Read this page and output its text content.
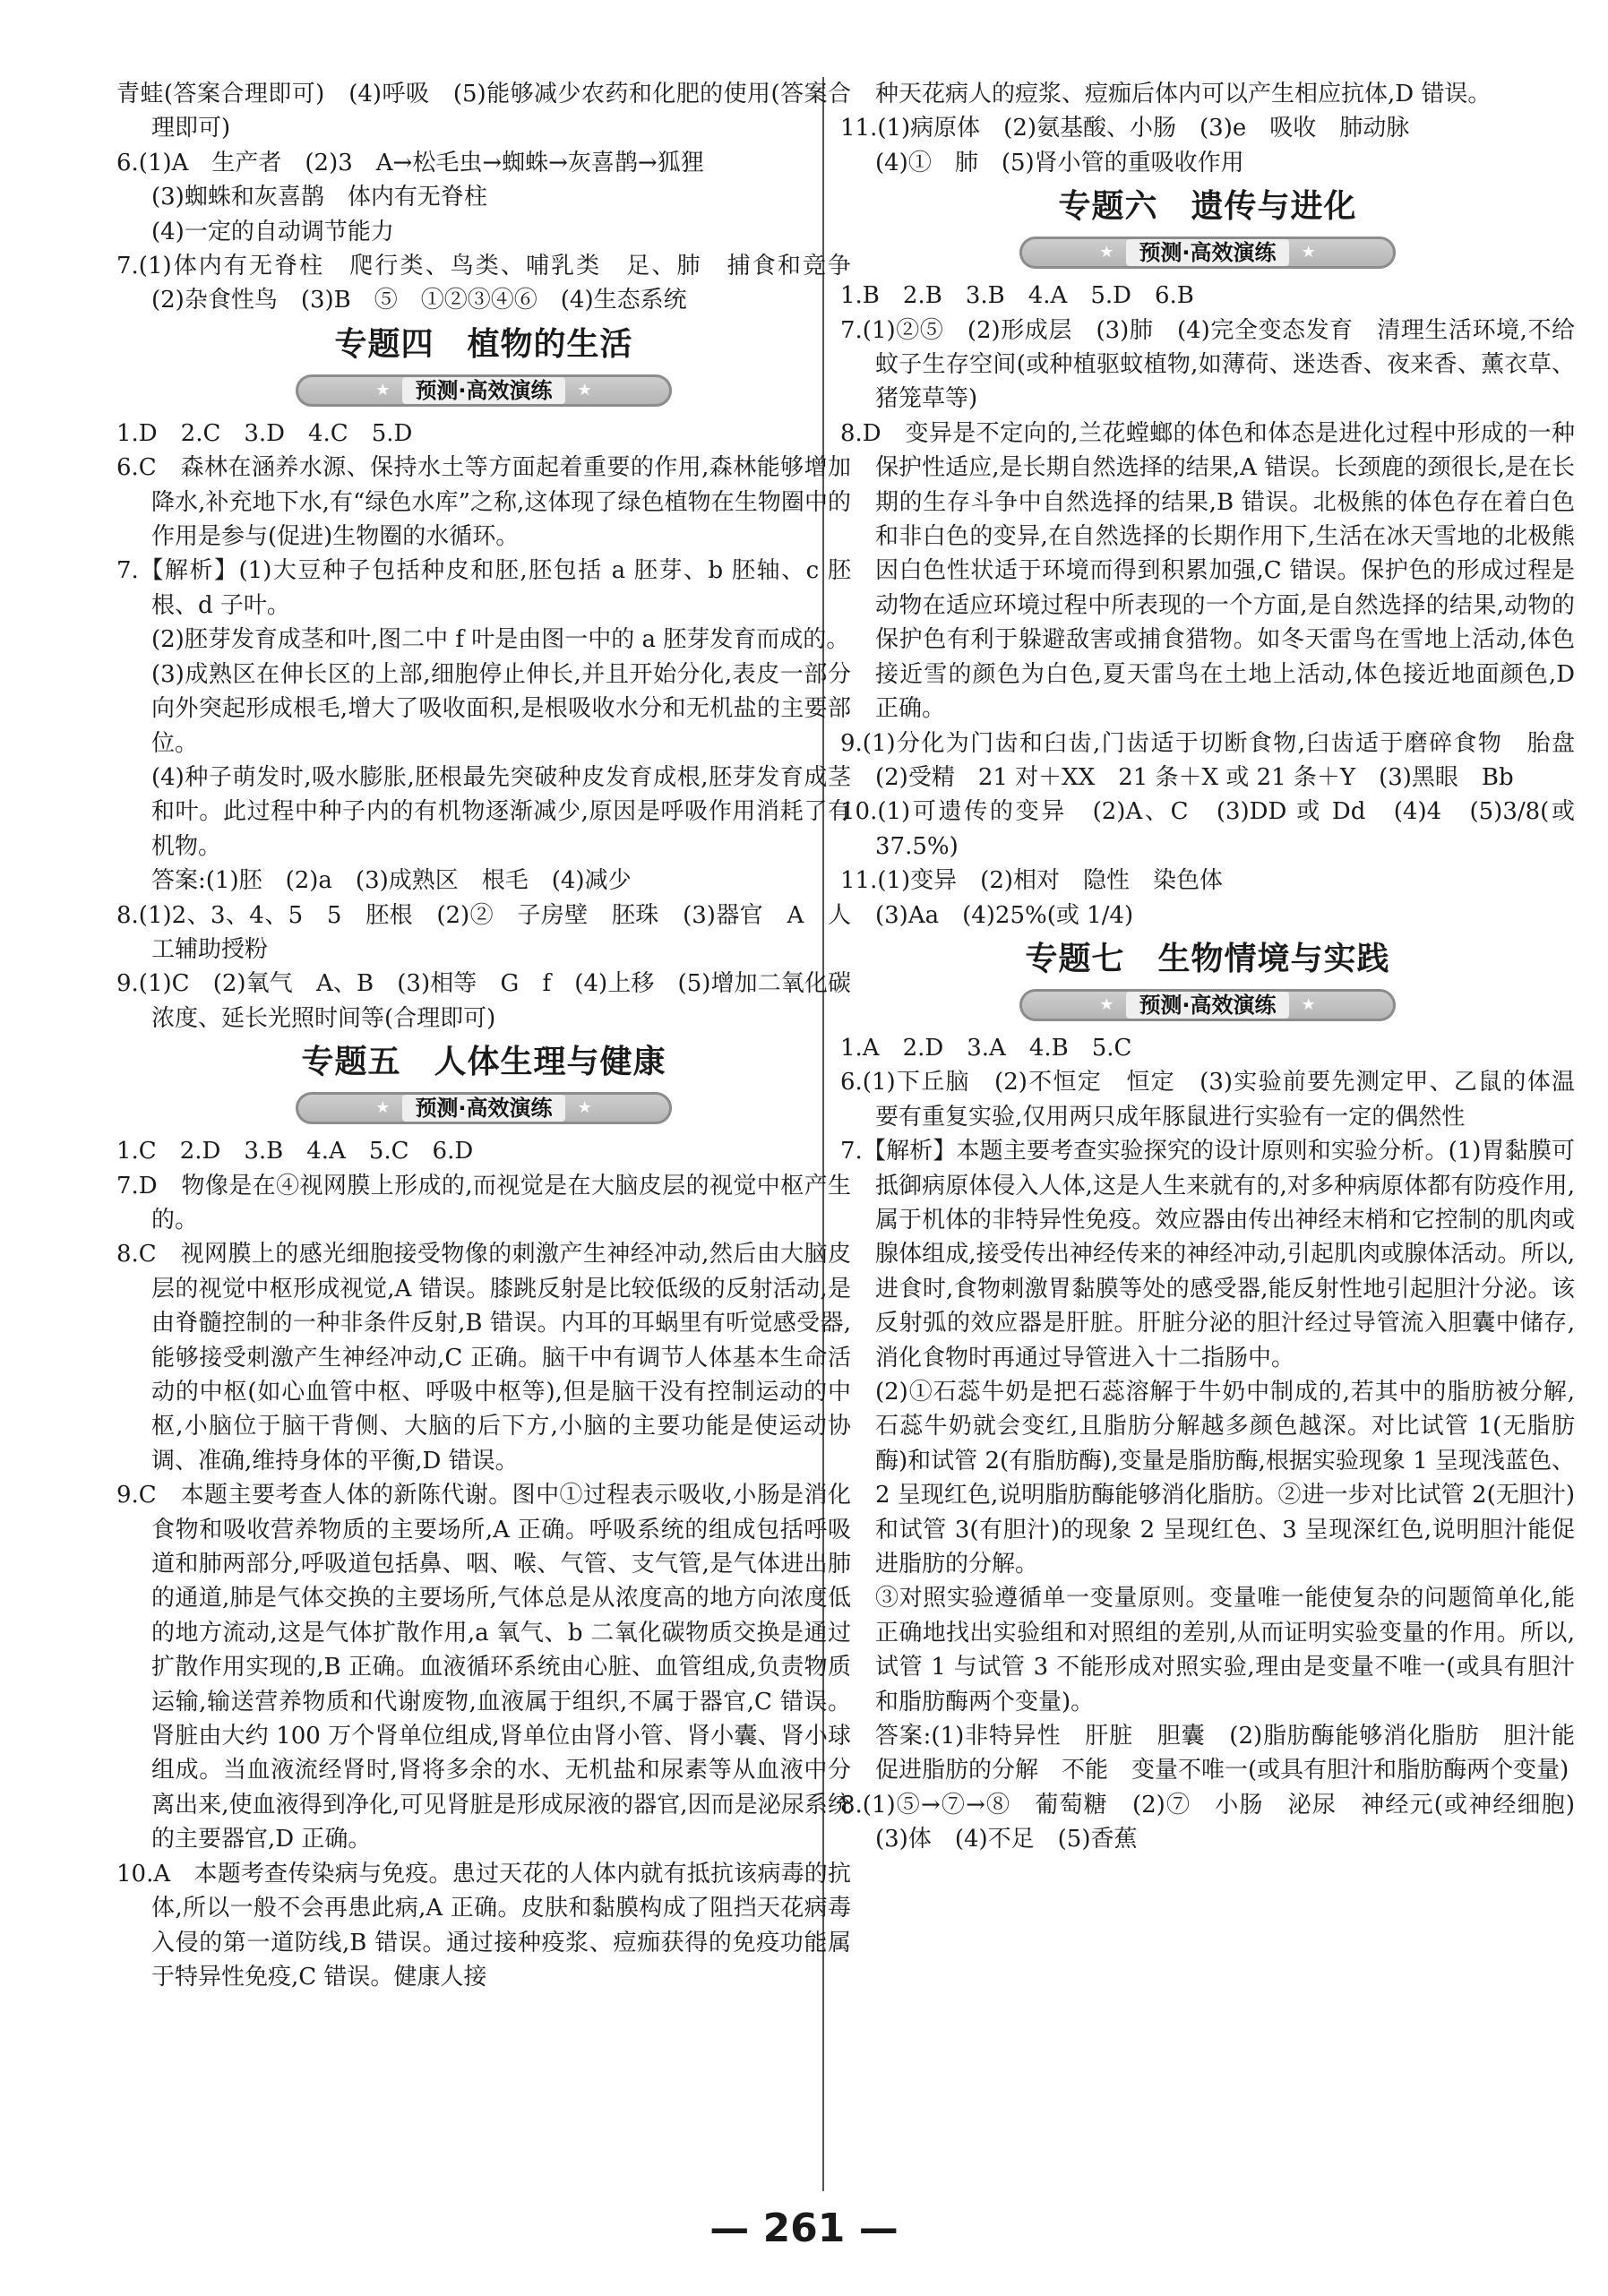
青蛙(答案合理即可)　(4)呼吸　(5)能够减少农药和化肥的使用(答案合理即可)

6.(1)A　生产者　(2)3　A→松毛虫→蜘蛛→灰喜鹊→狐狸

(3)蜘蛛和灰喜鹊　体内有无脊柱

(4)一定的自动调节能力

7.(1)体内有无脊柱　爬行类、鸟类、哺乳类　足、肺　捕食和竞争　(2)杂食性鸟　(3)B　⑤　①②③④⑥　(4)生态系统

专题四　植物的生活
★	预测·高效演练	★

1.D　2.C　3.D　4.C　5.D

6.C　森林在涵养水源、保持水土等方面起着重要的作用,森林能够增加降水,补充地下水,有“绿色水库”之称,这体现了绿色植物在生物圈中的作用是参与(促进)生物圈的水循环。

7.【解析】(1)大豆种子包括种皮和胚,胚包括 a 胚芽、b 胚轴、c 胚根、d 子叶。

(2)胚芽发育成茎和叶,图二中 f 叶是由图一中的 a 胚芽发育而成的。

(3)成熟区在伸长区的上部,细胞停止伸长,并且开始分化,表皮一部分向外突起形成根毛,增大了吸收面积,是根吸收水分和无机盐的主要部位。

(4)种子萌发时,吸水膨胀,胚根最先突破种皮发育成根,胚芽发育成茎和叶。此过程中种子内的有机物逐渐减少,原因是呼吸作用消耗了有机物。

答案:(1)胚　(2)a　(3)成熟区　根毛　(4)减少

8.(1)2、3、4、5　5　胚根　(2)②　子房壁　胚珠　(3)器官　A　人工辅助授粉

9.(1)C　(2)氧气　A、B　(3)相等　G　f　(4)上移　(5)增加二氧化碳浓度、延长光照时间等(合理即可)

专题五　人体生理与健康
★	预测·高效演练	★

1.C　2.D　3.B　4.A　5.C　6.D

7.D　物像是在④视网膜上形成的,而视觉是在大脑皮层的视觉中枢产生的。

8.C　视网膜上的感光细胞接受物像的刺激产生神经冲动,然后由大脑皮层的视觉中枢形成视觉,A 错误。膝跳反射是比较低级的反射活动,是由脊髓控制的一种非条件反射,B 错误。内耳的耳蜗里有听觉感受器,能够接受刺激产生神经冲动,C 正确。脑干中有调节人体基本生命活动的中枢(如心血管中枢、呼吸中枢等),但是脑干没有控制运动的中枢,小脑位于脑干背侧、大脑的后下方,小脑的主要功能是使运动协调、准确,维持身体的平衡,D 错误。

9.C　本题主要考查人体的新陈代谢。图中①过程表示吸收,小肠是消化食物和吸收营养物质的主要场所,A 正确。呼吸系统的组成包括呼吸道和肺两部分,呼吸道包括鼻、咽、喉、气管、支气管,是气体进出肺的通道,肺是气体交换的主要场所,气体总是从浓度高的地方向浓度低的地方流动,这是气体扩散作用,a 氧气、b 二氧化碳物质交换是通过扩散作用实现的,B 正确。血液循环系统由心脏、血管组成,负责物质运输,输送营养物质和代谢废物,血液属于组织,不属于器官,C 错误。肾脏由大约 100 万个肾单位组成,肾单位由肾小管、肾小囊、肾小球组成。当血液流经肾时,肾将多余的水、无机盐和尿素等从血液中分离出来,使血液得到净化,可见肾脏是形成尿液的器官,因而是泌尿系统的主要器官,D 正确。

10.A　本题考查传染病与免疫。患过天花的人体内就有抵抗该病毒的抗体,所以一般不会再患此病,A 正确。皮肤和黏膜构成了阻挡天花病毒入侵的第一道防线,B 错误。通过接种疫浆、痘痂获得的免疫功能属于特异性免疫,C 错误。健康人接

种天花病人的痘浆、痘痂后体内可以产生相应抗体,D 错误。

11.(1)病原体　(2)氨基酸、小肠　(3)e　吸收　肺动脉

(4)①　肺　(5)肾小管的重吸收作用

专题六　遗传与进化
★	预测·高效演练	★

1.B　2.B　3.B　4.A　5.D　6.B

7.(1)②⑤　(2)形成层　(3)肺　(4)完全变态发育　清理生活环境,不给蚊子生存空间(或种植驱蚊植物,如薄荷、迷迭香、夜来香、薰衣草、猪笼草等)

8.D　变异是不定向的,兰花螳螂的体色和体态是进化过程中形成的一种保护性适应,是长期自然选择的结果,A 错误。长颈鹿的颈很长,是在长期的生存斗争中自然选择的结果,B 错误。北极熊的体色存在着白色和非白色的变异,在自然选择的长期作用下,生活在冰天雪地的北极熊因白色性状适于环境而得到积累加强,C 错误。保护色的形成过程是动物在适应环境过程中所表现的一个方面,是自然选择的结果,动物的保护色有利于躲避敌害或捕食猎物。如冬天雷鸟在雪地上活动,体色接近雪的颜色为白色,夏天雷鸟在土地上活动,体色接近地面颜色,D 正确。

9.(1)分化为门齿和臼齿,门齿适于切断食物,臼齿适于磨碎食物　胎盘　(2)受精　21 对＋XX　21 条＋X 或 21 条＋Y　(3)黑眼　Bb

10.(1)可遗传的变异　(2)A、C　(3)DD 或 Dd　(4)4　(5)3/8(或 37.5%)

11.(1)变异　(2)相对　隐性　染色体

(3)Aa　(4)25%(或 1/4)

专题七　生物情境与实践
★	预测·高效演练	★

1.A　2.D　3.A　4.B　5.C

6.(1)下丘脑　(2)不恒定　恒定　(3)实验前要先测定甲、乙鼠的体温　要有重复实验,仅用两只成年豚鼠进行实验有一定的偶然性

7.【解析】本题主要考查实验探究的设计原则和实验分析。(1)胃黏膜可抵御病原体侵入人体,这是人生来就有的,对多种病原体都有防疫作用,属于机体的非特异性免疫。效应器由传出神经末梢和它控制的肌肉或腺体组成,接受传出神经传来的神经冲动,引起肌肉或腺体活动。所以,进食时,食物刺激胃黏膜等处的感受器,能反射性地引起胆汁分泌。该反射弧的效应器是肝脏。肝脏分泌的胆汁经过导管流入胆囊中储存,消化食物时再通过导管进入十二指肠中。

(2)①石蕊牛奶是把石蕊溶解于牛奶中制成的,若其中的脂肪被分解,石蕊牛奶就会变红,且脂肪分解越多颜色越深。对比试管 1(无脂肪酶)和试管 2(有脂肪酶),变量是脂肪酶,根据实验现象 1 呈现浅蓝色、2 呈现红色,说明脂肪酶能够消化脂肪。②进一步对比试管 2(无胆汁)和试管 3(有胆汁)的现象 2 呈现红色、3 呈现深红色,说明胆汁能促进脂肪的分解。

③对照实验遵循单一变量原则。变量唯一能使复杂的问题简单化,能正确地找出实验组和对照组的差别,从而证明实验变量的作用。所以,试管 1 与试管 3 不能形成对照实验,理由是变量不唯一(或具有胆汁和脂肪酶两个变量)。

答案:(1)非特异性　肝脏　胆囊　(2)脂肪酶能够消化脂肪　胆汁能促进脂肪的分解　不能　变量不唯一(或具有胆汁和脂肪酶两个变量)

8.(1)⑤→⑦→⑧　葡萄糖　(2)⑦　小肠　泌尿　神经元(或神经细胞)　(3)体　(4)不足　(5)香蕉

— 261 —
